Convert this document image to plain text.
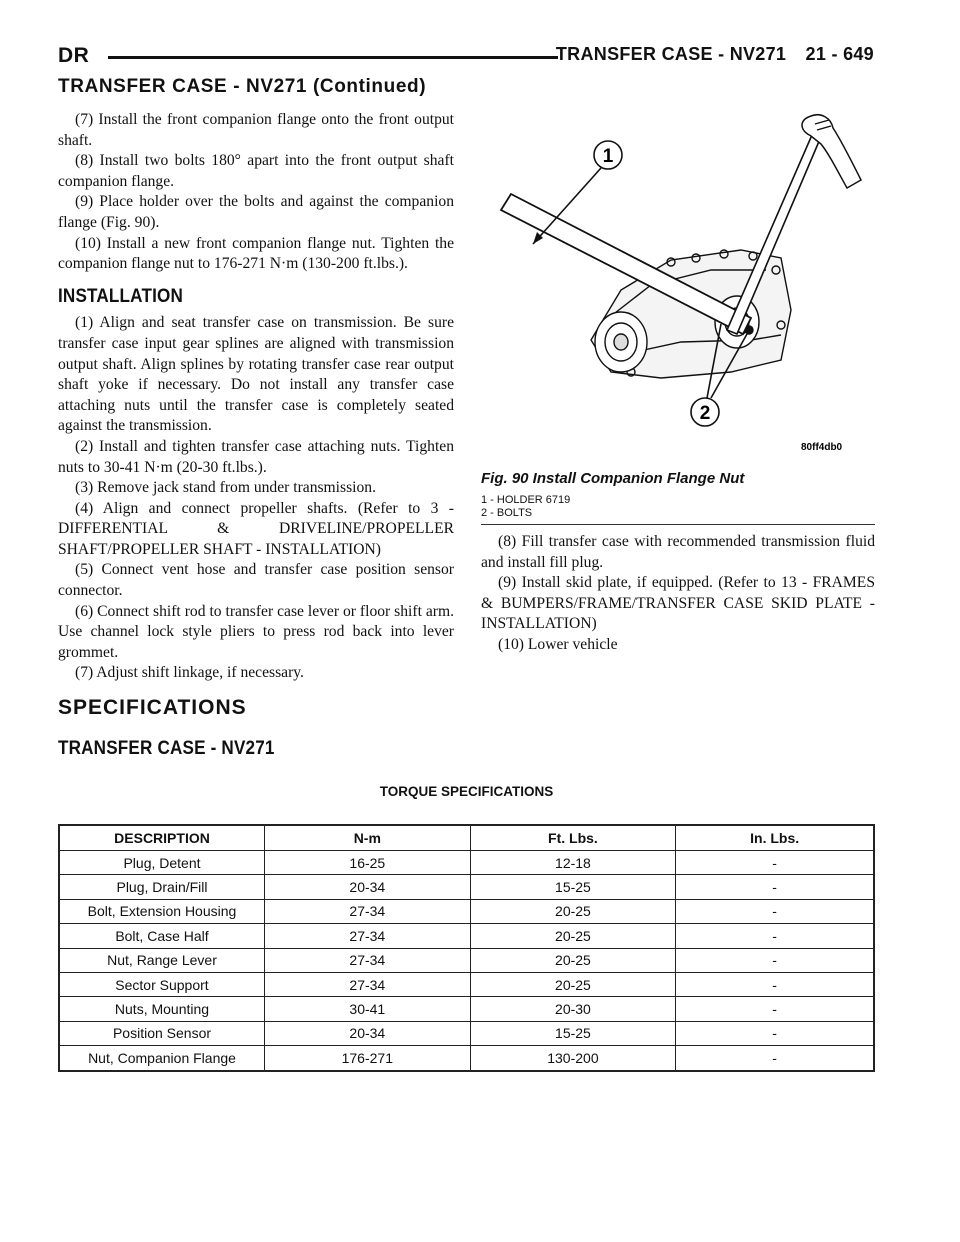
DR	TRANSFER CASE - NV271 21 - 649
TRANSFER CASE - NV271 (Continued)

(7) Install the front companion flange onto the front output shaft.

(8) Install two bolts 180° apart into the front output shaft companion flange.

(9) Place holder over the bolts and against the companion flange (Fig. 90).

(10) Install a new front companion flange nut. Tighten the companion flange nut to 176-271 N·m (130-200 ft.lbs.).

INSTALLATION

(1) Align and seat transfer case on transmission. Be sure transfer case input gear splines are aligned with transmission output shaft. Align splines by rotating transfer case rear output shaft yoke if necessary. Do not install any transfer case attaching nuts until the transfer case is completely seated against the transmission.

(2) Install and tighten transfer case attaching nuts. Tighten nuts to 30-41 N·m (20-30 ft.lbs.).

(3) Remove jack stand from under transmission.

(4) Align and connect propeller shafts. (Refer to 3 - DIFFERENTIAL & DRIVELINE/PROPELLER SHAFT/PROPELLER SHAFT - INSTALLATION)

(5) Connect vent hose and transfer case position sensor connector.

(6) Connect shift rod to transfer case lever or floor shift arm. Use channel lock style pliers to press rod back into lever grommet.

(7) Adjust shift linkage, if necessary.

1
2
80ff4db0
Fig. 90 Install Companion Flange Nut
1 - HOLDER 6719
2 - BOLTS

(8) Fill transfer case with recommended transmission fluid and install fill plug.

(9) Install skid plate, if equipped. (Refer to 13 - FRAMES & BUMPERS/FRAME/TRANSFER CASE SKID PLATE - INSTALLATION)

(10) Lower vehicle

SPECIFICATIONS
TRANSFER CASE - NV271
TORQUE SPECIFICATIONS
DESCRIPTION	N-m	Ft. Lbs.	In. Lbs.
Plug, Detent	16-25	12-18	-
Plug, Drain/Fill	20-34	15-25	-
Bolt, Extension Housing	27-34	20-25	-
Bolt, Case Half	27-34	20-25	-
Nut, Range Lever	27-34	20-25	-
Sector Support	27-34	20-25	-
Nuts, Mounting	30-41	20-30	-
Position Sensor	20-34	15-25	-
Nut, Companion Flange	176-271	130-200	-
